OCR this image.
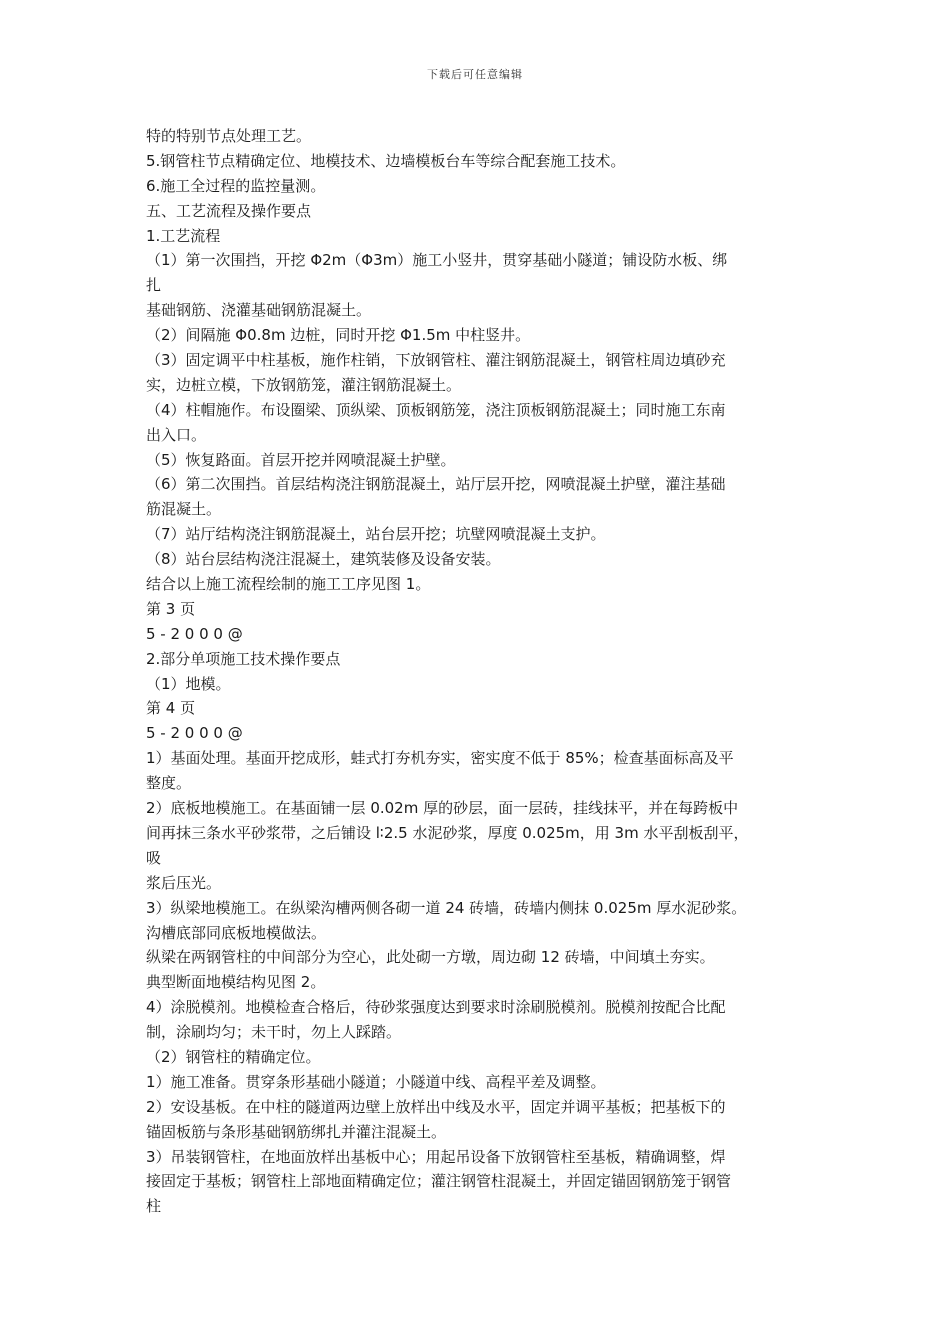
下载后可任意编辑
特的特别节点处理工艺。
5.钢管柱节点精确定位、地模技术、边墙模板台车等综合配套施工技术。
6.施工全过程的监控量测。
五、工艺流程及操作要点
1.工艺流程
（1）第一次围挡，开挖 Φ2m（Φ3m）施工小竖井，贯穿基础小隧道；铺设防水板、绑
扎
基础钢筋、浇灌基础钢筋混凝土。
（2）间隔施 Φ0.8m 边桩，同时开挖 Φ1.5m 中柱竖井。
（3）固定调平中柱基板，施作柱销，下放钢管柱、灌注钢筋混凝土，钢管柱周边填砂充
实，边桩立模，下放钢筋笼，灌注钢筋混凝土。
（4）柱帽施作。布设圈梁、顶纵梁、顶板钢筋笼，浇注顶板钢筋混凝土；同时施工东南
出入口。
（5）恢复路面。首层开挖并网喷混凝土护壁。
（6）第二次围挡。首层结构浇注钢筋混凝土，站厅层开挖，网喷混凝土护壁，灌注基础
筋混凝土。
（7）站厅结构浇注钢筋混凝土，站台层开挖；坑壁网喷混凝土支护。
（8）站台层结构浇注混凝土，建筑装修及设备安装。
结合以上施工流程绘制的施工工序见图 1。
第 3 页
5 - 2 0 0 0 @
2.部分单项施工技术操作要点
（1）地模。
第 4 页
5 - 2 0 0 0 @
1）基面处理。基面开挖成形，蛙式打夯机夯实，密实度不低于 85%；检查基面标高及平
整度。
2）底板地模施工。在基面铺一层 0.02m 厚的砂层，面一层砖，挂线抹平，并在每跨板中
间再抹三条水平砂浆带，之后铺设 l∶2.5 水泥砂浆，厚度 0.025m，用 3m 水平刮板刮平，
吸
浆后压光。
3）纵梁地模施工。在纵梁沟槽两侧各砌一道 24 砖墙，砖墙内侧抹 0.025m 厚水泥砂浆。
沟槽底部同底板地模做法。
纵梁在两钢管柱的中间部分为空心，此处砌一方墩，周边砌 12 砖墙，中间填土夯实。
典型断面地模结构见图 2。
4）涂脱模剂。地模检查合格后，待砂浆强度达到要求时涂刷脱模剂。脱模剂按配合比配
制，涂刷均匀；未干时，勿上人踩踏。
（2）钢管柱的精确定位。
1）施工准备。贯穿条形基础小隧道；小隧道中线、高程平差及调整。
2）安设基板。在中柱的隧道两边壁上放样出中线及水平，固定并调平基板；把基板下的
锚固板筋与条形基础钢筋绑扎并灌注混凝土。
3）吊装钢管柱，在地面放样出基板中心；用起吊设备下放钢管柱至基板，精确调整，焊
接固定于基板；钢管柱上部地面精确定位；灌注钢管柱混凝土，并固定锚固钢筋笼于钢管
柱
